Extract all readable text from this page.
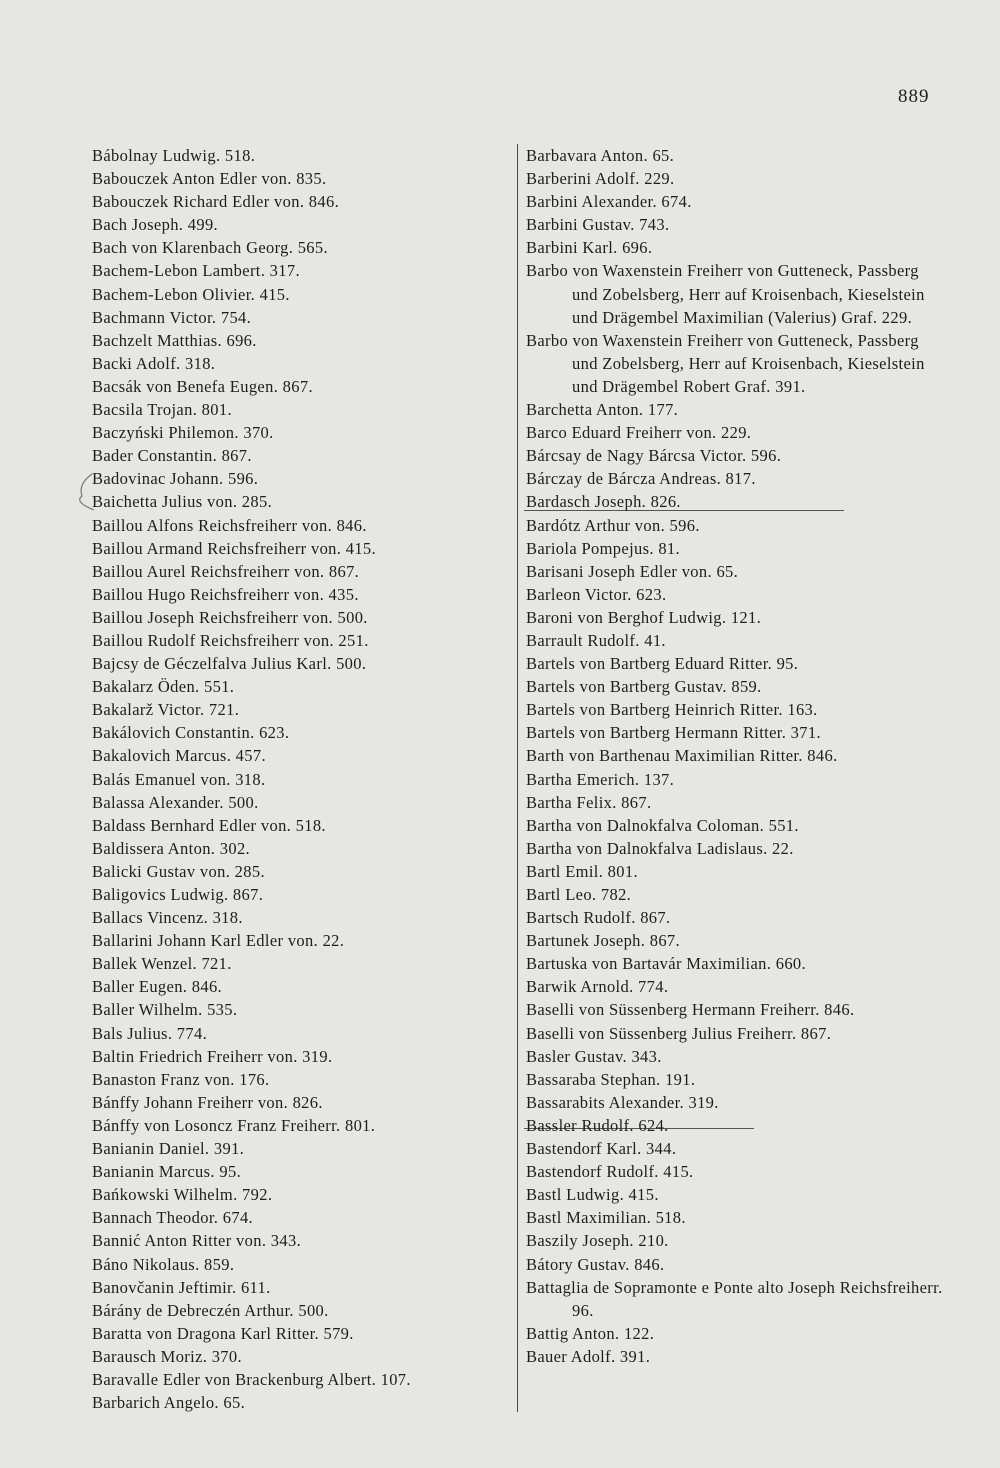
889
Bábolnay Ludwig. 518.
Babouczek Anton Edler von. 835.
Babouczek Richard Edler von. 846.
Bach Joseph. 499.
Bach von Klarenbach Georg. 565.
Bachem-Lebon Lambert. 317.
Bachem-Lebon Olivier. 415.
Bachmann Victor. 754.
Bachzelt Matthias. 696.
Backi Adolf. 318.
Bacsák von Benefa Eugen. 867.
Bacsila Trojan. 801.
Baczyński Philemon. 370.
Bader Constantin. 867.
Badovinac Johann. 596.
Baichetta Julius von. 285.
Baillou Alfons Reichsfreiherr von. 846.
Baillou Armand Reichsfreiherr von. 415.
Baillou Aurel Reichsfreiherr von. 867.
Baillou Hugo Reichsfreiherr von. 435.
Baillou Joseph Reichsfreiherr von. 500.
Baillou Rudolf Reichsfreiherr von. 251.
Bajcsy de Géczelfalva Julius Karl. 500.
Bakalarz Öden. 551.
Bakalarž Victor. 721.
Bakálovich Constantin. 623.
Bakalovich Marcus. 457.
Balás Emanuel von. 318.
Balassa Alexander. 500.
Baldass Bernhard Edler von. 518.
Baldissera Anton. 302.
Balicki Gustav von. 285.
Baligovics Ludwig. 867.
Ballacs Vincenz. 318.
Ballarini Johann Karl Edler von. 22.
Ballek Wenzel. 721.
Baller Eugen. 846.
Baller Wilhelm. 535.
Bals Julius. 774.
Baltin Friedrich Freiherr von. 319.
Banaston Franz von. 176.
Bánffy Johann Freiherr von. 826.
Bánffy von Losoncz Franz Freiherr. 801.
Banianin Daniel. 391.
Banianin Marcus. 95.
Bańkowski Wilhelm. 792.
Bannach Theodor. 674.
Bannić Anton Ritter von. 343.
Báno Nikolaus. 859.
Banovčanin Jeftimir. 611.
Bárány de Debreczén Arthur. 500.
Baratta von Dragona Karl Ritter. 579.
Barausch Moriz. 370.
Baravalle Edler von Brackenburg Albert. 107.
Barbarich Angelo. 65.
Barbavara Anton. 65.
Barberini Adolf. 229.
Barbini Alexander. 674.
Barbini Gustav. 743.
Barbini Karl. 696.
Barbo von Waxenstein Freiherr von Gutteneck, Passberg und Zobelsberg, Herr auf Kroisenbach, Kieselstein und Drägembel Maximilian (Valerius) Graf. 229.
Barbo von Waxenstein Freiherr von Gutteneck, Passberg und Zobelsberg, Herr auf Kroisenbach, Kieselstein und Drägembel Robert Graf. 391.
Barchetta Anton. 177.
Barco Eduard Freiherr von. 229.
Bárcsay de Nagy Bárcsa Victor. 596.
Bárczay de Bárcza Andreas. 817.
Bardasch Joseph. 826.
Bardótz Arthur von. 596.
Bariola Pompejus. 81.
Barisani Joseph Edler von. 65.
Barleon Victor. 623.
Baroni von Berghof Ludwig. 121.
Barrault Rudolf. 41.
Bartels von Bartberg Eduard Ritter. 95.
Bartels von Bartberg Gustav. 859.
Bartels von Bartberg Heinrich Ritter. 163.
Bartels von Bartberg Hermann Ritter. 371.
Barth von Barthenau Maximilian Ritter. 846.
Bartha Emerich. 137.
Bartha Felix. 867.
Bartha von Dalnokfalva Coloman. 551.
Bartha von Dalnokfalva Ladislaus. 22.
Bartl Emil. 801.
Bartl Leo. 782.
Bartsch Rudolf. 867.
Bartunek Joseph. 867.
Bartuska von Bartavár Maximilian. 660.
Barwik Arnold. 774.
Baselli von Süssenberg Hermann Freiherr. 846.
Baselli von Süssenberg Julius Freiherr. 867.
Basler Gustav. 343.
Bassaraba Stephan. 191.
Bassarabits Alexander. 319.
Bassler Rudolf. 624.
Bastendorf Karl. 344.
Bastendorf Rudolf. 415.
Bastl Ludwig. 415.
Bastl Maximilian. 518.
Baszily Joseph. 210.
Bátory Gustav. 846.
Battaglia de Sopramonte e Ponte alto Joseph Reichsfreiherr. 96.
Battig Anton. 122.
Bauer Adolf. 391.
